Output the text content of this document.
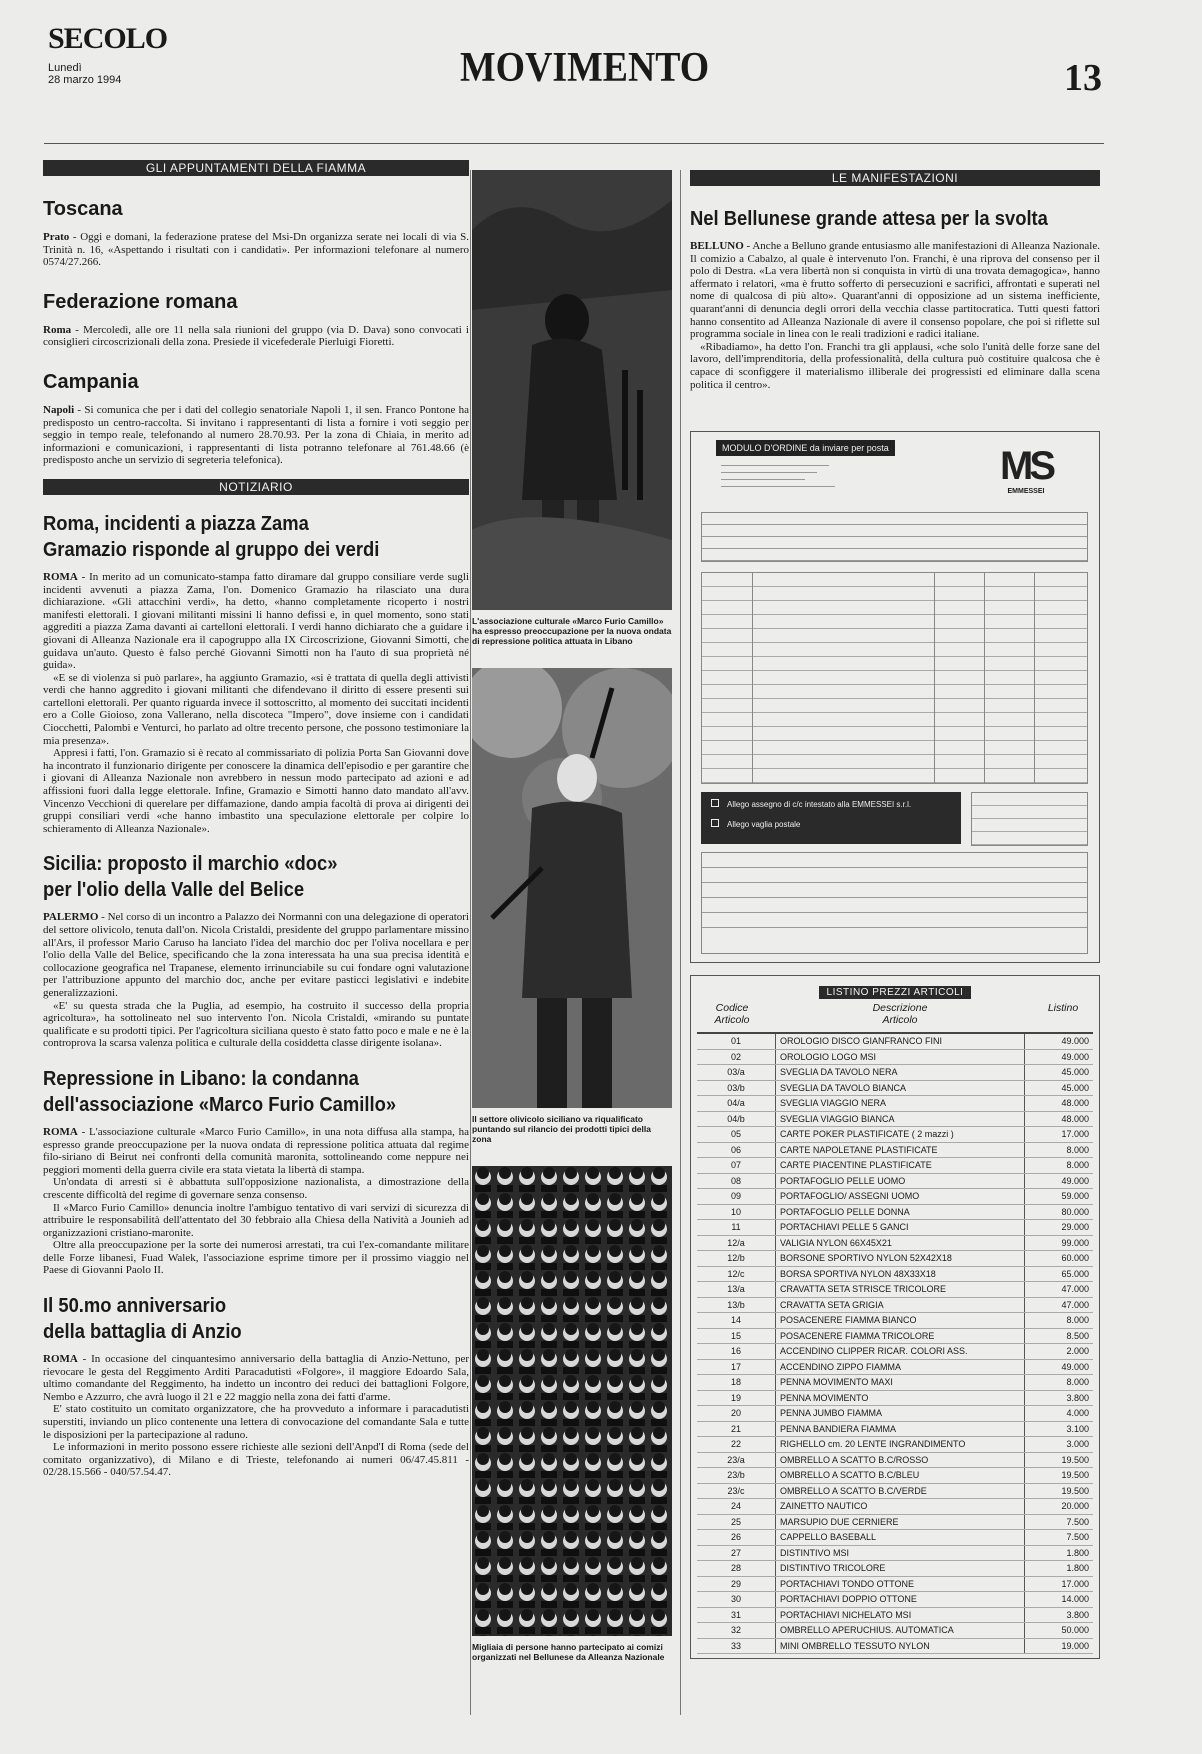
SECOLO
Lunedì
28 marzo 1994	MOVIMENTO	13
GLI APPUNTAMENTI DELLA FIAMMA
Toscana

Prato - Oggi e domani, la federazione pratese del Msi-Dn organizza serate nei locali di via S. Trinità n. 16, «Aspettando i risultati con i candidati». Per informazioni telefonare al numero 0574/27.266.

Federazione romana

Roma - Mercoledì, alle ore 11 nella sala riunioni del gruppo (via D. Dava) sono convocati i consiglieri circoscrizionali della zona. Presiede il vicefederale Pierluigi Fioretti.

Campania

Napoli - Si comunica che per i dati del collegio senatoriale Napoli 1, il sen. Franco Pontone ha predisposto un centro-raccolta. Si invitano i rappresentanti di lista a fornire i voti seggio per seggio in tempo reale, telefonando al numero 28.70.93. Per la zona di Chiaia, in merito ad informazioni e comunicazioni, i rappresentanti di lista potranno telefonare al 761.48.66 (è predisposto anche un servizio di segreteria telefonica).

NOTIZIARIO
Roma, incidenti a piazza Zama
Gramazio risponde al gruppo dei verdi

ROMA - In merito ad un comunicato-stampa fatto diramare dal gruppo consiliare verde sugli incidenti avvenuti a piazza Zama, l'on. Domenico Gramazio ha rilasciato una dura dichiarazione. «Gli attacchini verdi», ha detto, «hanno completamente ricoperto i nostri manifesti elettorali. I giovani militanti missini li hanno defissi e, in quel momento, sono stati aggrediti a piazza Zama davanti ai cartelloni elettorali. I verdi hanno dichiarato che a guidare i giovani di Alleanza Nazionale era il capogruppo alla IX Circoscrizione, Giovanni Simotti, che guidava un'auto. Questo è falso perché Giovanni Simotti non ha l'auto di sua proprietà né guida».

«E se di violenza si può parlare», ha aggiunto Gramazio, «si è trattata di quella degli attivisti verdi che hanno aggredito i giovani militanti che difendevano il diritto di essere presenti sui cartelloni elettorali. Per quanto riguarda invece il sottoscritto, al momento dei succitati incidenti ero a Colle Gioioso, zona Vallerano, nella discoteca "Impero", dove insieme con i candidati Ciocchetti, Palombi e Venturci, ho parlato ad oltre trecento persone, che possono testimoniare la mia presenza».

Appresi i fatti, l'on. Gramazio si è recato al commissariato di polizia Porta San Giovanni dove ha incontrato il funzionario dirigente per conoscere la dinamica dell'episodio e per garantire che i giovani di Alleanza Nazionale non avrebbero in nessun modo partecipato ad azioni e ad affissioni fuori dalla legge elettorale. Infine, Gramazio e Simotti hanno dato mandato all'avv. Vincenzo Vecchioni di querelare per diffamazione, dando ampia facoltà di prova ai dirigenti dei gruppi consiliari verdi «che hanno imbastito una speculazione elettorale per colpire lo schieramento di Alleanza Nazionale».

Sicilia: proposto il marchio «doc»
per l'olio della Valle del Belice

PALERMO - Nel corso di un incontro a Palazzo dei Normanni con una delegazione di operatori del settore olivicolo, tenuta dall'on. Nicola Cristaldi, presidente del gruppo parlamentare missino all'Ars, il professor Mario Caruso ha lanciato l'idea del marchio doc per l'oliva nocellara e per l'olio della Valle del Belice, specificando che la zona interessata ha una sua precisa identità e collocazione geografica nel Trapanese, elemento irrinunciabile su cui fondare ogni valutazione per l'attribuzione appunto del marchio doc, anche per evitare pasticci legislativi e indebite generalizzazioni.

«E' su questa strada che la Puglia, ad esempio, ha costruito il successo della propria agricoltura», ha sottolineato nel suo intervento l'on. Nicola Cristaldi, «mirando su puntate qualificate e su prodotti tipici. Per l'agricoltura siciliana questo è stato fatto poco e male e ne è la controprova la scarsa valenza politica e culturale della cosiddetta classe dirigente isolana».

Repressione in Libano: la condanna
dell'associazione «Marco Furio Camillo»

ROMA - L'associazione culturale «Marco Furio Camillo», in una nota diffusa alla stampa, ha espresso grande preoccupazione per la nuova ondata di repressione politica attuata dal regime filo-siriano di Beirut nei confronti della comunità maronita, sottolineando come neppure nei peggiori momenti della guerra civile era stata vietata la libertà di stampa.

Un'ondata di arresti si è abbattuta sull'opposizione nazionalista, a dimostrazione della crescente difficoltà del regime di governare senza consenso.

Il «Marco Furio Camillo» denuncia inoltre l'ambiguo tentativo di vari servizi di sicurezza di attribuire le responsabilità dell'attentato del 30 febbraio alla Chiesa della Natività a Jounieh ad organizzazioni cristiano-maronite.

Oltre alla preoccupazione per la sorte dei numerosi arrestati, tra cui l'ex-comandante militare delle Forze libanesi, Fuad Walek, l'associazione esprime timore per il prossimo viaggio nel Paese di Giovanni Paolo II.

Il 50.mo anniversario
della battaglia di Anzio

ROMA - In occasione del cinquantesimo anniversario della battaglia di Anzio-Nettuno, per rievocare le gesta del Reggimento Arditi Paracadutisti «Folgore», il maggiore Edoardo Sala, ultimo comandante del Reggimento, ha indetto un incontro dei reduci dei battaglioni Folgore, Nembo e Azzurro, che avrà luogo il 21 e 22 maggio nella zona dei fatti d'arme.

E' stato costituito un comitato organizzatore, che ha provveduto a informare i paracadutisti superstiti, inviando un plico contenente una lettera di convocazione del comandante Sala e tutte le disposizioni per la partecipazione al raduno.

Le informazioni in merito possono essere richieste alle sezioni dell'Anpd'I di Roma (sede del comitato organizzativo), di Milano e di Trieste, telefonando ai numeri 06/47.45.811 - 02/28.15.566 - 040/57.54.47.

L'associazione culturale «Marco Furio Camillo» ha espresso preoccupazione per la nuova ondata di repressione politica attuata in Libano

Il settore olivicolo siciliano va riqualificato puntando sul rilancio dei prodotti tipici della zona

Migliaia di persone hanno partecipato ai comizi organizzati nel Bellunese da Alleanza Nazionale

LE MANIFESTAZIONI
Nel Bellunese grande attesa per la svolta

BELLUNO - Anche a Belluno grande entusiasmo alle manifestazioni di Alleanza Nazionale. Il comizio a Cabalzo, al quale è intervenuto l'on. Franchi, è una riprova del consenso per il polo di Destra. «La vera libertà non si conquista in virtù di una trovata demagogica», hanno affermato i relatori, «ma è frutto sofferto di persecuzioni e sacrifici, affrontati e superati nel nome di qualcosa di più alto». Quarant'anni di opposizione ad un sistema inefficiente, quarant'anni di denuncia degli orrori della vecchia classe partitocratica. Tutti questi fattori hanno consentito ad Alleanza Nazionale di avere il consenso popolare, che poi si riflette sul programma sociale in linea con le reali tradizioni e radici italiane.

«Ribadiamo», ha detto l'on. Franchi tra gli applausi, «che solo l'unità delle forze sane del lavoro, dell'imprenditoria, della professionalità, della cultura può costituire qualcosa che è capace di sconfiggere il materialismo illiberale dei progressisti ed eliminare dalla scena politica il centro».

MODULO D'ORDINE da inviare per posta	MS
EMMESSEI
Allego assegno di c/c intestato alla EMMESSEI s.r.l.
Allego vaglia postale
LISTINO PREZZI ARTICOLI
Codice
Articolo
Descrizione
Articolo
Listino
01	OROLOGIO DISCO GIANFRANCO FINI	49.000
02	OROLOGIO LOGO MSI	49.000
03/a	SVEGLIA DA TAVOLO NERA	45.000
03/b	SVEGLIA DA TAVOLO BIANCA	45.000
04/a	SVEGLIA VIAGGIO NERA	48.000
04/b	SVEGLIA VIAGGIO BIANCA	48.000
05	CARTE POKER PLASTIFICATE ( 2 mazzi )	17.000
06	CARTE NAPOLETANE PLASTIFICATE	8.000
07	CARTE PIACENTINE PLASTIFICATE	8.000
08	PORTAFOGLIO PELLE UOMO	49.000
09	PORTAFOGLIO/ ASSEGNI UOMO	59.000
10	PORTAFOGLIO PELLE DONNA	80.000
11	PORTACHIAVI PELLE 5 GANCI	29.000
12/a	VALIGIA NYLON 66X45X21	99.000
12/b	BORSONE SPORTIVO NYLON 52X42X18	60.000
12/c	BORSA SPORTIVA NYLON 48X33X18	65.000
13/a	CRAVATTA SETA STRISCE TRICOLORE	47.000
13/b	CRAVATTA SETA GRIGIA	47.000
14	POSACENERE FIAMMA BIANCO	8.000
15	POSACENERE FIAMMA TRICOLORE	8.500
16	ACCENDINO CLIPPER RICAR. COLORI ASS.	2.000
17	ACCENDINO ZIPPO FIAMMA	49.000
18	PENNA MOVIMENTO MAXI	8.000
19	PENNA MOVIMENTO	3.800
20	PENNA JUMBO FIAMMA	4.000
21	PENNA BANDIERA FIAMMA	3.100
22	RIGHELLO cm. 20 LENTE INGRANDIMENTO	3.000
23/a	OMBRELLO A SCATTO B.C/ROSSO	19.500
23/b	OMBRELLO A SCATTO B.C/BLEU	19.500
23/c	OMBRELLO A SCATTO B.C/VERDE	19.500
24	ZAINETTO NAUTICO	20.000
25	MARSUPIO DUE CERNIERE	7.500
26	CAPPELLO BASEBALL	7.500
27	DISTINTIVO MSI	1.800
28	DISTINTIVO TRICOLORE	1.800
29	PORTACHIAVI TONDO OTTONE	17.000
30	PORTACHIAVI DOPPIO OTTONE	14.000
31	PORTACHIAVI NICHELATO MSI	3.800
32	OMBRELLO APERUCHIUS. AUTOMATICA	50.000
33	MINI OMBRELLO TESSUTO NYLON	19.000
